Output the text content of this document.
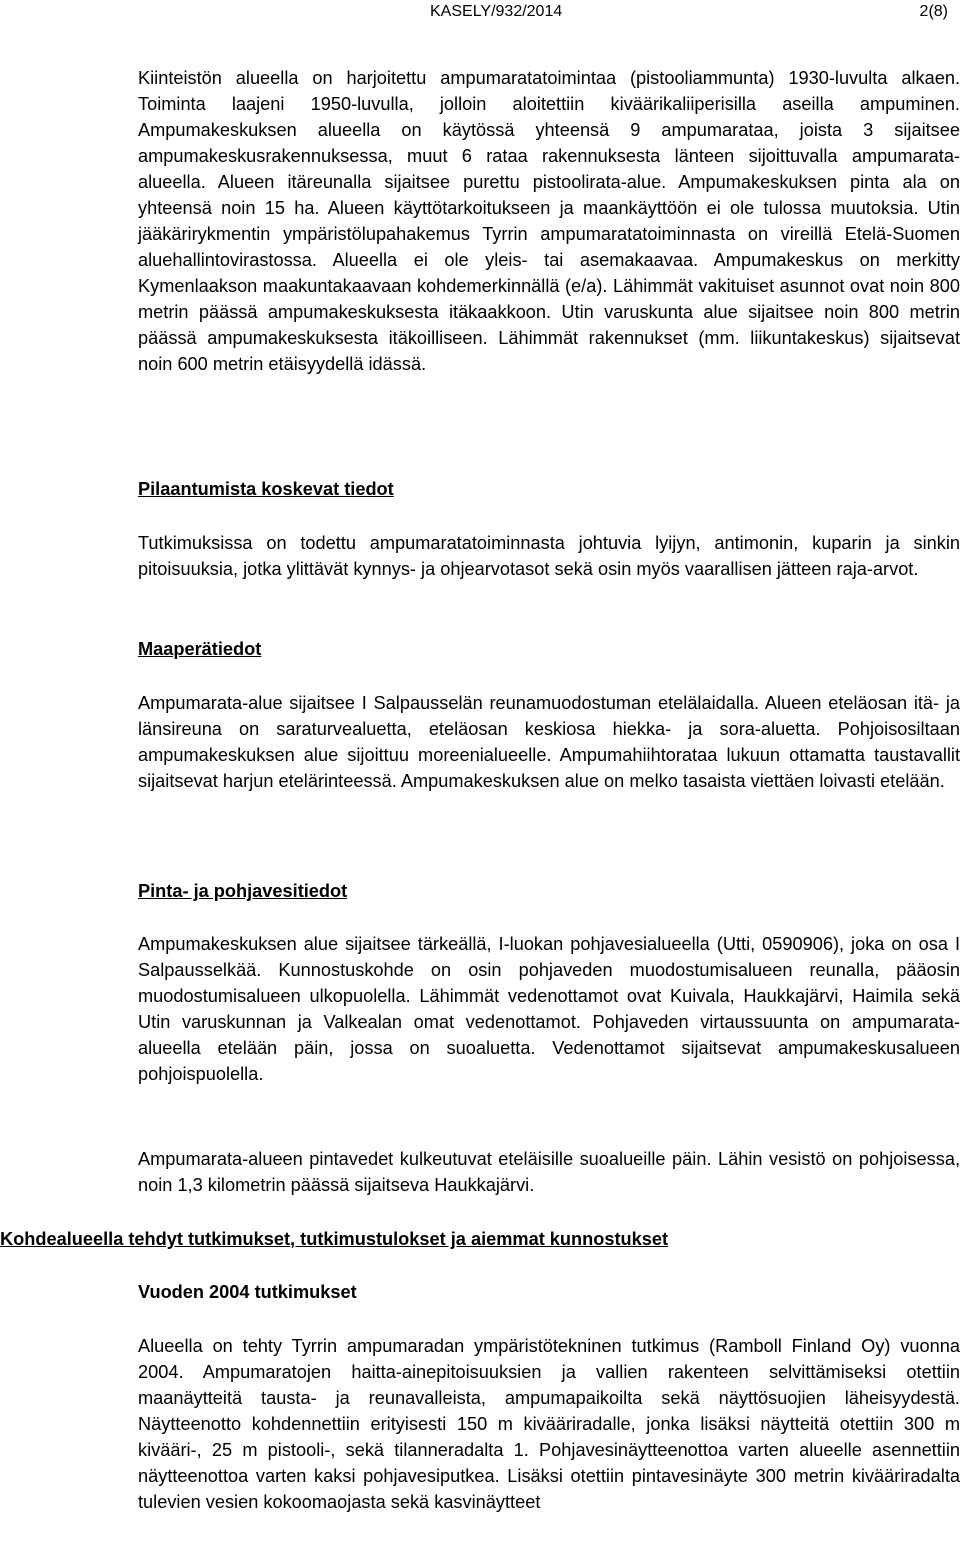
KASELY/932/2014	2(8)

Kiinteistön alueella on harjoitettu ampumaratatoimintaa (pistooliammunta) 1930-luvulta alkaen. Toiminta laajeni 1950-luvulla, jolloin aloitettiin kiväärikaliiperisilla aseilla ampuminen. Ampumakeskuksen alueella on käytössä yhteensä 9 ampumarataa, joista 3 sijaitsee ampumakeskusrakennuksessa, muut 6 rataa rakennuksesta länteen sijoittuvalla ampumarata-alueella. Alueen itäreunalla sijaitsee purettu pistoolirata-alue. Ampumakeskuksen pinta ala on yhteensä noin 15 ha. Alueen käyttötarkoitukseen ja maankäyttöön ei ole tulossa muutoksia. Utin jääkärirykmentin ympäristölupahakemus Tyrrin ampumaratatoiminnasta on vireillä Etelä-Suomen aluehallintovirastossa. Alueella ei ole yleis- tai asemakaavaa. Ampumakeskus on merkitty Kymenlaakson maakuntakaavaan kohdemerkinnällä (e/a). Lähimmät vakituiset asunnot ovat noin 800 metrin päässä ampumakeskuksesta itäkaakkoon. Utin varuskunta alue sijaitsee noin 800 metrin päässä ampumakeskuksesta itäkoilliseen. Lähimmät rakennukset (mm. liikuntakeskus) sijaitsevat noin 600 metrin etäisyydellä idässä.

Pilaantumista koskevat tiedot

Tutkimuksissa on todettu ampumaratatoiminnasta johtuvia lyijyn, antimonin, kuparin ja sinkin pitoisuuksia, jotka ylittävät kynnys- ja ohjearvotasot sekä osin myös vaarallisen jätteen raja-arvot.

Maaperätiedot

Ampumarata-alue sijaitsee I Salpausselän reunamuodostuman etelälaidalla. Alueen eteläosan itä- ja länsireuna on saraturvealuetta, eteläosan keskiosa hiekka- ja sora-aluetta. Pohjoisosiltaan ampumakeskuksen alue sijoittuu moreenialueelle. Ampumahiihtorataa lukuun ottamatta taustavallit sijaitsevat harjun etelärinteessä. Ampumakeskuksen alue on melko tasaista viettäen loivasti etelään.

Pinta- ja pohjavesitiedot

Ampumakeskuksen alue sijaitsee tärkeällä, I-luokan pohjavesialueella (Utti, 0590906), joka on osa I Salpausselkää. Kunnostuskohde on osin pohjaveden muodostumisalueen reunalla, pääosin muodostumisalueen ulkopuolella. Lähimmät vedenottamot ovat Kuivala, Haukkajärvi, Haimila sekä Utin varuskunnan ja Valkealan omat vedenottamot. Pohjaveden virtaussuunta on ampumarata-alueella etelään päin, jossa on suoaluetta. Vedenottamot sijaitsevat ampumakeskusalueen pohjoispuolella.

Ampumarata-alueen pintavedet kulkeutuvat eteläisille suoalueille päin. Lähin vesistö on pohjoisessa, noin 1,3 kilometrin päässä sijaitseva Haukkajärvi.

Kohdealueella tehdyt tutkimukset, tutkimustulokset ja aiemmat kunnostukset
Vuoden 2004 tutkimukset

Alueella on tehty Tyrrin ampumaradan ympäristötekninen tutkimus (Ramboll Finland Oy) vuonna 2004. Ampumaratojen haitta-ainepitoisuuksien ja vallien rakenteen selvittämiseksi otettiin maanäytteitä tausta- ja reunavalleista, ampumapaikoilta sekä näyttösuojien läheisyydestä. Näytteenotto kohdennettiin erityisesti 150 m kivääriradalle, jonka lisäksi näytteitä otettiin 300 m kivääri-, 25 m pistooli-, sekä tilanneradalta 1. Pohjavesinäytteenottoa varten alueelle asennettiin näytteenottoa varten kaksi pohjavesiputkea. Lisäksi otettiin pintavesinäyte 300 metrin kivääriradalta tulevien vesien kokoomaojasta sekä kasvinäytteet
